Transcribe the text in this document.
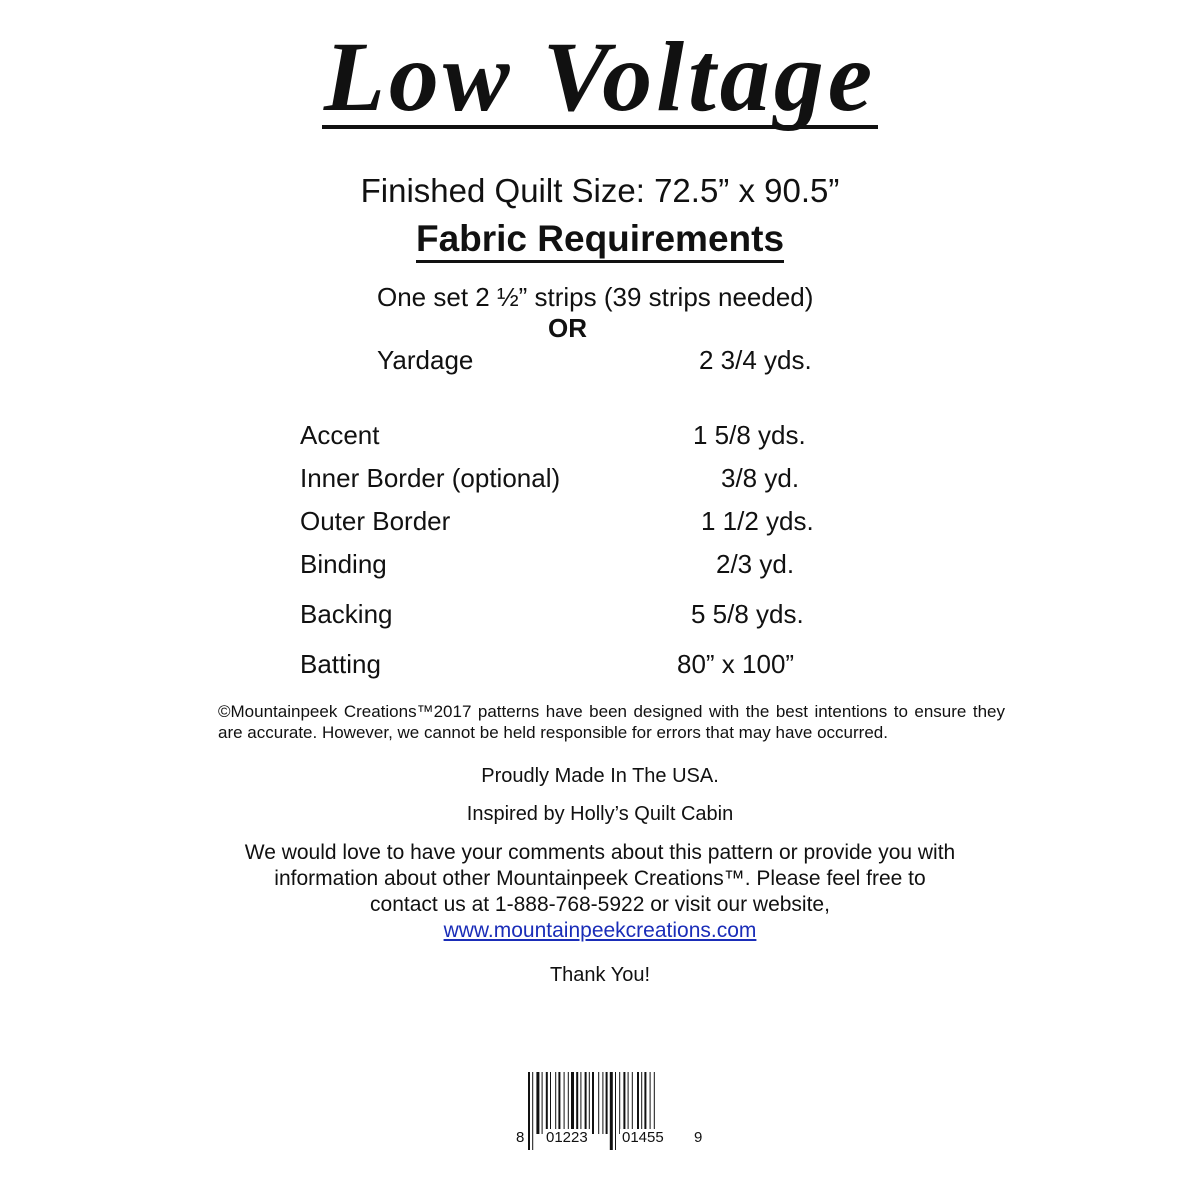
Low Voltage
Finished Quilt Size: 72.5” x 90.5”
Fabric Requirements
One set 2 ½” strips (39 strips needed)
OR
Yardage	2 3/4 yds.
Accent	1 5/8 yds.
Inner Border (optional)	3/8 yd.
Outer Border	1 1/2 yds.
Binding	2/3 yd.
Backing	5 5/8 yds.
Batting	80” x 100”
©Mountainpeek Creations™2017 patterns have been designed with the best intentions to ensure they are accurate. However, we cannot be held responsible for errors that may have occurred.
Proudly Made In The USA.
Inspired by Holly’s Quilt Cabin
We would love to have your comments about this pattern or provide you with
information about other Mountainpeek Creations™. Please feel free to
contact us at 1-888-768-5922 or visit our website,
www.mountainpeekcreations.com
Thank You!
8 01223 01455 9
